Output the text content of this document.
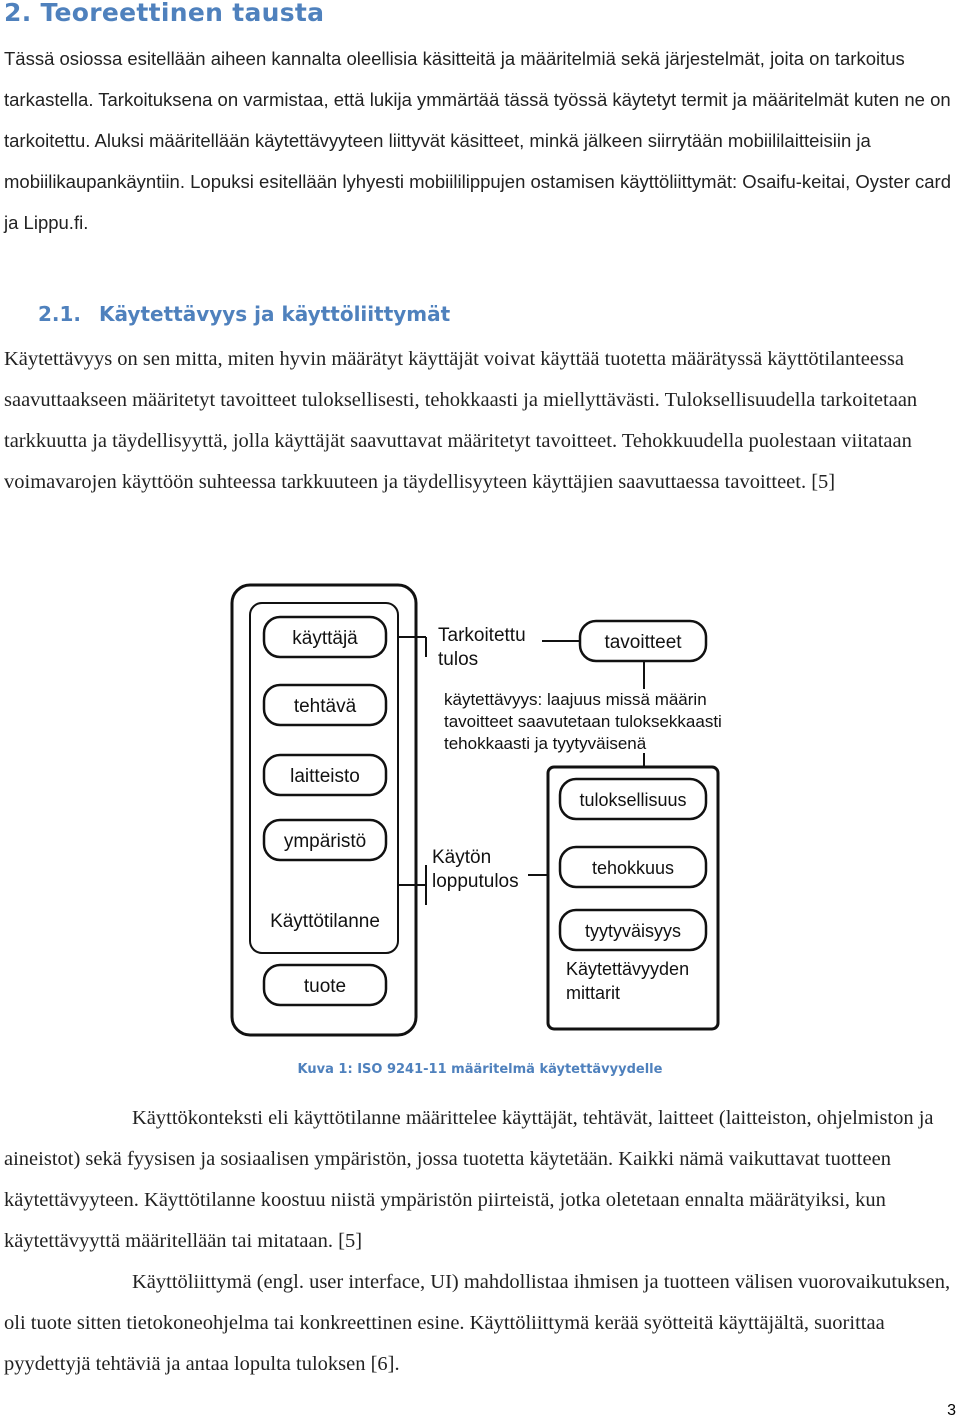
2. Teoreettinen tausta

Tässä osiossa esitellään aiheen kannalta oleellisia käsitteitä ja määritelmiä sekä järjestelmät, joita on tarkoitus tarkastella. Tarkoituksena on varmistaa, että lukija ymmärtää tässä työssä käytetyt termit ja määritelmät kuten ne on tarkoitettu. Aluksi määritellään käytettävyyteen liittyvät käsitteet, minkä jälkeen siirrytään mobiililaitteisiin ja mobiilikaupankäyntiin. Lopuksi esitellään lyhyesti mobiililippujen ostamisen käyttöliittymät: Osaifu-keitai, Oyster card ja Lippu.fi.

2.1. Käytettävyys ja käyttöliittymät

Käytettävyys on sen mitta, miten hyvin määrätyt käyttäjät voivat käyttää tuotetta määrätyssä käyttötilanteessa saavuttaakseen määritetyt tavoitteet tuloksellisesti, tehokkaasti ja miellyttävästi. Tuloksellisuudella tarkoitetaan tarkkuutta ja täydellisyyttä, jolla käyttäjät saavuttavat määritetyt tavoitteet. Tehokkuudella puolestaan viitataan voimavarojen käyttöön suhteessa tarkkuuteen ja täydellisyyteen käyttäjien saavuttaessa tavoitteet. [5]

käyttäjä
tehtävä
laitteisto
ympäristö
Käyttötilanne
tuote
Tarkoitettu
tulos
tavoitteet
käytettävyys: laajuus missä määrin
tavoitteet saavutetaan tuloksekkaasti
tehokkaasti ja tyytyväisenä
Käytön
lopputulos
tuloksellisuus
tehokkuus
tyytyväisyys
Käytettävyyden
mittarit

Kuva 1: ISO 9241-11 määritelmä käytettävyydelle

Käyttökonteksti eli käyttötilanne määrittelee käyttäjät, tehtävät, laitteet (laitteiston, ohjelmiston ja aineistot) sekä fyysisen ja sosiaalisen ympäristön, jossa tuotetta käytetään. Kaikki nämä vaikuttavat tuotteen käytettävyyteen. Käyttötilanne koostuu niistä ympäristön piirteistä, jotka oletetaan ennalta määrätyiksi, kun käytettävyyttä määritellään tai mitataan. [5]

Käyttöliittymä (engl. user interface, UI) mahdollistaa ihmisen ja tuotteen välisen vuorovaikutuksen, oli tuote sitten tietokoneohjelma tai konkreettinen esine. Käyttöliittymä kerää syötteitä käyttäjältä, suorittaa pyydettyjä tehtäviä ja antaa lopulta tuloksen [6].

3
